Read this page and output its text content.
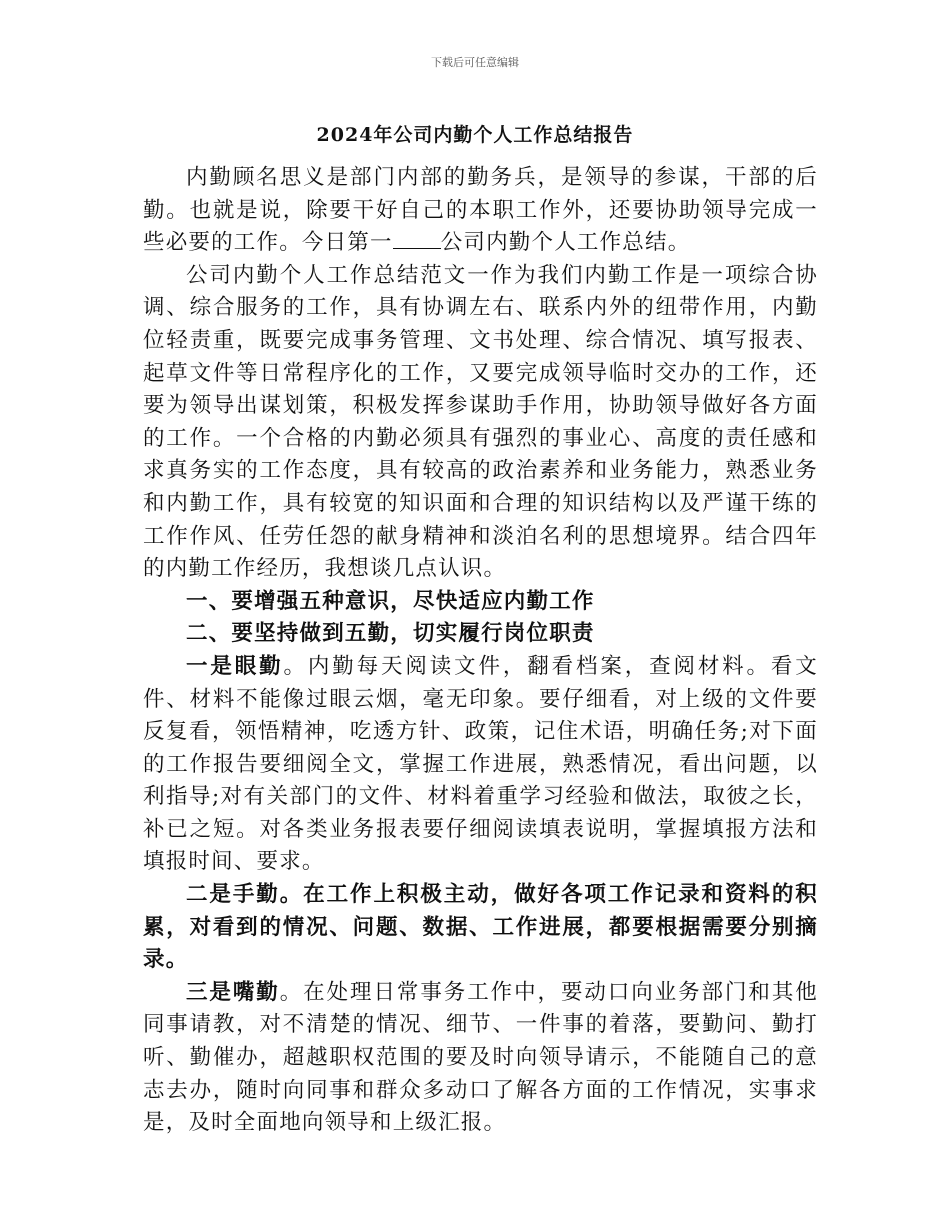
下载后可任意编辑
2024年公司内勤个人工作总结报告

内勤顾名思义是部门内部的勤务兵，是领导的参谋，干部的后勤。也就是说，除要干好自己的本职工作外，还要协助领导完成一些必要的工作。今日第一 公司内勤个人工作总结。

公司内勤个人工作总结范文一作为我们内勤工作是一项综合协调、综合服务的工作，具有协调左右、联系内外的纽带作用，内勤位轻责重，既要完成事务管理、文书处理、综合情况、填写报表、起草文件等日常程序化的工作，又要完成领导临时交办的工作，还要为领导出谋划策，积极发挥参谋助手作用，协助领导做好各方面的工作。一个合格的内勤必须具有强烈的事业心、高度的责任感和求真务实的工作态度，具有较高的政治素养和业务能力，熟悉业务和内勤工作，具有较宽的知识面和合理的知识结构以及严谨干练的工作作风、任劳任怨的献身精神和淡泊名利的思想境界。结合四年的内勤工作经历，我想谈几点认识。

一、要增强五种意识，尽快适应内勤工作

二、要坚持做到五勤，切实履行岗位职责

一是眼勤。内勤每天阅读文件，翻看档案，查阅材料。看文件、材料不能像过眼云烟，毫无印象。要仔细看，对上级的文件要反复看，领悟精神，吃透方针、政策，记住术语，明确任务;对下面的工作报告要细阅全文，掌握工作进展，熟悉情况，看出问题，以利指导;对有关部门的文件、材料着重学习经验和做法，取彼之长，补已之短。对各类业务报表要仔细阅读填表说明，掌握填报方法和填报时间、要求。

二是手勤。在工作上积极主动，做好各项工作记录和资料的积累，对看到的情况、问题、数据、工作进展，都要根据需要分别摘录。

三是嘴勤。在处理日常事务工作中，要动口向业务部门和其他同事请教，对不清楚的情况、细节、一件事的着落，要勤问、勤打听、勤催办，超越职权范围的要及时向领导请示，不能随自己的意志去办，随时向同事和群众多动口了解各方面的工作情况，实事求是，及时全面地向领导和上级汇报。
